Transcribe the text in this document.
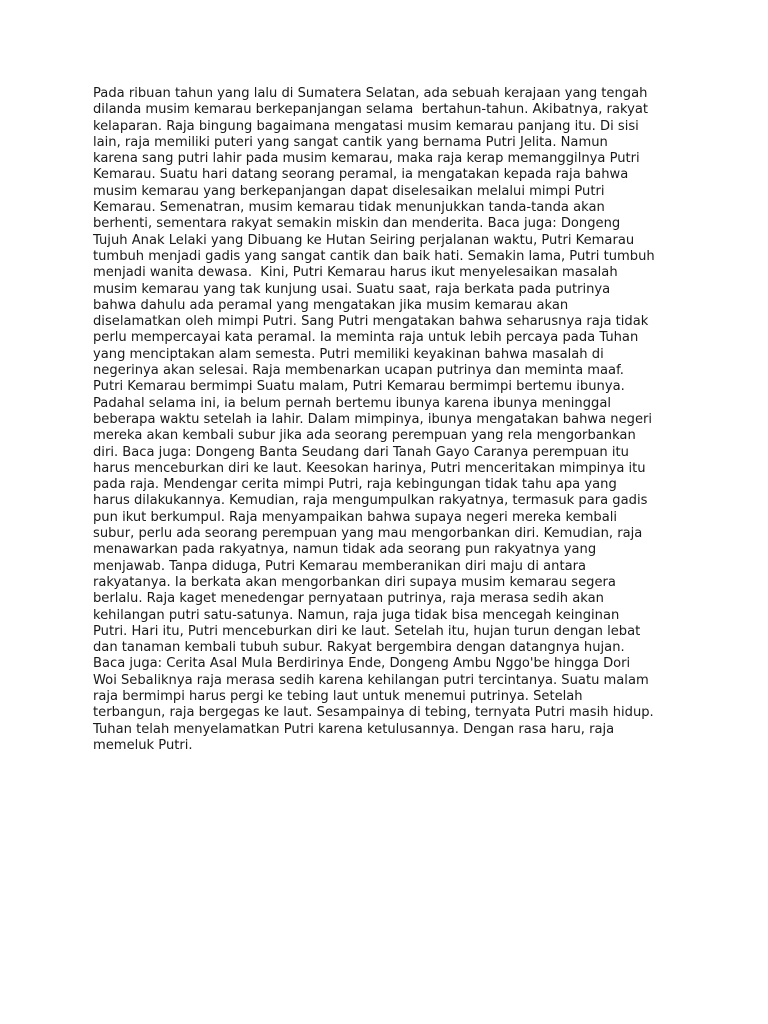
Pada ribuan tahun yang lalu di Sumatera Selatan, ada sebuah kerajaan yang tengah
dilanda musim kemarau berkepanjangan selama  bertahun-tahun. Akibatnya, rakyat
kelaparan. Raja bingung bagaimana mengatasi musim kemarau panjang itu. Di sisi
lain, raja memiliki puteri yang sangat cantik yang bernama Putri Jelita. Namun
karena sang putri lahir pada musim kemarau, maka raja kerap memanggilnya Putri
Kemarau. Suatu hari datang seorang peramal, ia mengatakan kepada raja bahwa
musim kemarau yang berkepanjangan dapat diselesaikan melalui mimpi Putri
Kemarau. Semenatran, musim kemarau tidak menunjukkan tanda-tanda akan
berhenti, sementara rakyat semakin miskin dan menderita. Baca juga: Dongeng
Tujuh Anak Lelaki yang Dibuang ke Hutan Seiring perjalanan waktu, Putri Kemarau
tumbuh menjadi gadis yang sangat cantik dan baik hati. Semakin lama, Putri tumbuh
menjadi wanita dewasa.  Kini, Putri Kemarau harus ikut menyelesaikan masalah
musim kemarau yang tak kunjung usai. Suatu saat, raja berkata pada putrinya
bahwa dahulu ada peramal yang mengatakan jika musim kemarau akan
diselamatkan oleh mimpi Putri. Sang Putri mengatakan bahwa seharusnya raja tidak
perlu mempercayai kata peramal. Ia meminta raja untuk lebih percaya pada Tuhan
yang menciptakan alam semesta. Putri memiliki keyakinan bahwa masalah di
negerinya akan selesai. Raja membenarkan ucapan putrinya dan meminta maaf.
Putri Kemarau bermimpi Suatu malam, Putri Kemarau bermimpi bertemu ibunya.
Padahal selama ini, ia belum pernah bertemu ibunya karena ibunya meninggal
beberapa waktu setelah ia lahir. Dalam mimpinya, ibunya mengatakan bahwa negeri
mereka akan kembali subur jika ada seorang perempuan yang rela mengorbankan
diri. Baca juga: Dongeng Banta Seudang dari Tanah Gayo Caranya perempuan itu
harus menceburkan diri ke laut. Keesokan harinya, Putri menceritakan mimpinya itu
pada raja. Mendengar cerita mimpi Putri, raja kebingungan tidak tahu apa yang
harus dilakukannya. Kemudian, raja mengumpulkan rakyatnya, termasuk para gadis
pun ikut berkumpul. Raja menyampaikan bahwa supaya negeri mereka kembali
subur, perlu ada seorang perempuan yang mau mengorbankan diri. Kemudian, raja
menawarkan pada rakyatnya, namun tidak ada seorang pun rakyatnya yang
menjawab. Tanpa diduga, Putri Kemarau memberanikan diri maju di antara
rakyatanya. Ia berkata akan mengorbankan diri supaya musim kemarau segera
berlalu. Raja kaget menedengar pernyataan putrinya, raja merasa sedih akan
kehilangan putri satu-satunya. Namun, raja juga tidak bisa mencegah keinginan
Putri. Hari itu, Putri menceburkan diri ke laut. Setelah itu, hujan turun dengan lebat
dan tanaman kembali tubuh subur. Rakyat bergembira dengan datangnya hujan.
Baca juga: Cerita Asal Mula Berdirinya Ende, Dongeng Ambu Nggo'be hingga Dori
Woi Sebaliknya raja merasa sedih karena kehilangan putri tercintanya. Suatu malam
raja bermimpi harus pergi ke tebing laut untuk menemui putrinya. Setelah
terbangun, raja bergegas ke laut. Sesampainya di tebing, ternyata Putri masih hidup.
Tuhan telah menyelamatkan Putri karena ketulusannya. Dengan rasa haru, raja
memeluk Putri.
